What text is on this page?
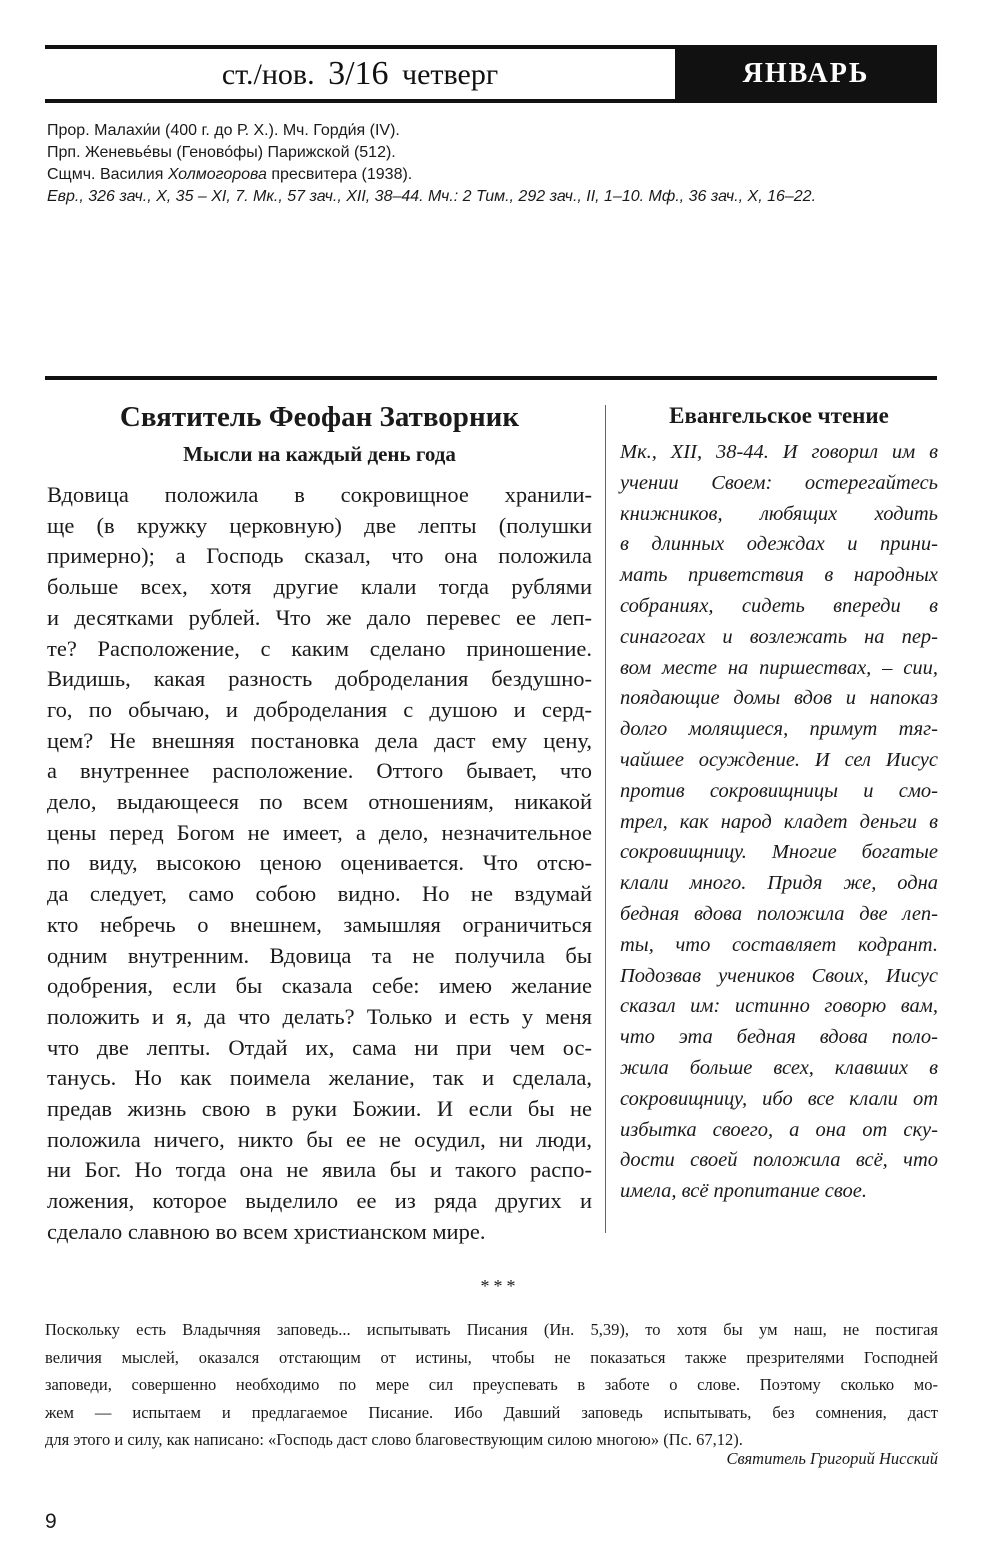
ст./нов. 3/16 четверг	ЯНВАРЬ
Прор. Малахи́и (400 г. до Р. Х.). Мч. Горди́я (IV).
Прп. Женевье́вы (Геново́фы) Парижской (512).
Сщмч. Василия Холмогорова пресвитера (1938).
Евр., 326 зач., X, 35 – XI, 7. Мк., 57 зач., XII, 38–44. Мч.: 2 Тим., 292 зач., II, 1–10. Мф., 36 зач., X, 16–22.
Святитель Феофан Затворник
Мысли на каждый день года
Вдовица положила в сокровищное хранили-
ще (в кружку церковную) две лепты (полушки
примерно); а Господь сказал, что она положила
больше всех, хотя другие клали тогда рублями
и десятками рублей. Что же дало перевес ее леп-
те? Расположение, с каким сделано приношение.
Видишь, какая разность доброделания бездушно-
го, по обычаю, и доброделания с душою и серд-
цем? Не внешняя постановка дела даст ему цену,
а внутреннее расположение. Оттого бывает, что
дело, выдающееся по всем отношениям, никакой
цены перед Богом не имеет, а дело, незначительное
по виду, высокою ценою оценивается. Что отсю-
да следует, само собою видно. Но не вздумай
кто небречь о внешнем, замышляя ограничиться
одним внутренним. Вдовица та не получила бы
одобрения, если бы сказала себе: имею желание
положить и я, да что делать? Только и есть у меня
что две лепты. Отдай их, сама ни при чем ос-
танусь. Но как поимела желание, так и сделала,
предав жизнь свою в руки Божии. И если бы не
положила ничего, никто бы ее не осудил, ни люди,
ни Бог. Но тогда она не явила бы и такого распо-
ложения, которое выделило ее из ряда других и
сделало славною во всем христианском мире.
Евангельское чтение
Мк., XII, 38-44. И говорил им в
учении Своем: остерегайтесь
книжников, любящих ходить
в длинных одеждах и прини-
мать приветствия в народных
собраниях, сидеть впереди в
синагогах и возлежать на пер-
вом месте на пиршествах, – сии,
поядающие домы вдов и напоказ
долго молящиеся, примут тяг-
чайшее осуждение. И сел Иисус
против сокровищницы и смо-
трел, как народ кладет деньги в
сокровищницу. Многие богатые
клали много. Придя же, одна
бедная вдова положила две леп-
ты, что составляет кодрант.
Подозвав учеников Своих, Иисус
сказал им: истинно говорю вам,
что эта бедная вдова поло-
жила больше всех, клавших в
сокровищницу, ибо все клали от
избытка своего, а она от ску-
дости своей положила всё, что
имела, всё пропитание свое.
***
Поскольку есть Владычняя заповедь... испытывать Писания (Ин. 5,39), то хотя бы ум наш, не постигая
величия мыслей, оказался отстающим от истины, чтобы не показаться также презрителями Господней
заповеди, совершенно необходимо по мере сил преуспевать в заботе о слове. Поэтому сколько мо-
жем — испытаем и предлагаемое Писание. Ибо Давший заповедь испытывать, без сомнения, даст
для этого и силу, как написано: «Господь даст слово благовествующим силою многою» (Пс. 67,12).
Святитель Григорий Нисский
9
